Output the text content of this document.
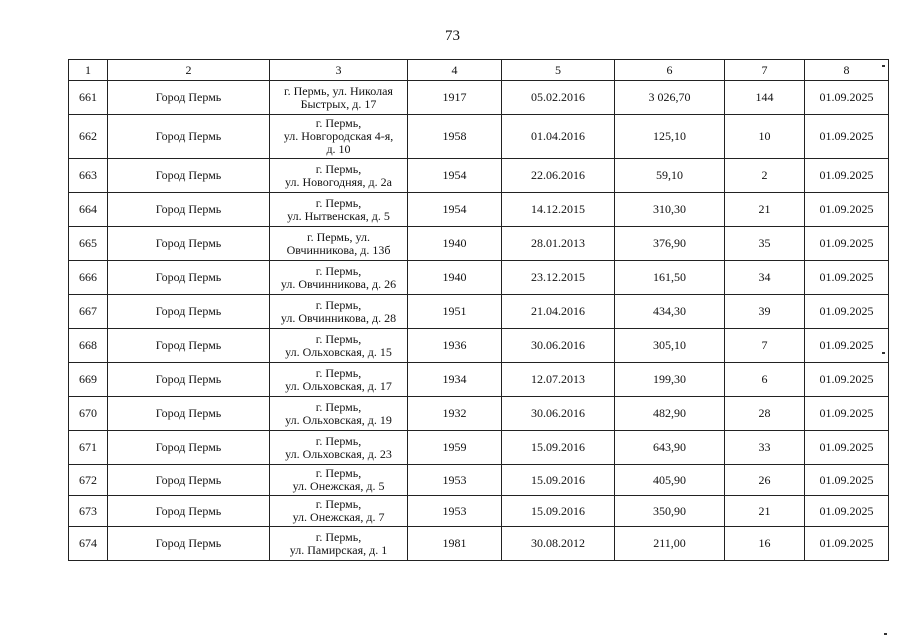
73
1	2	3	4	5	6	7	8
661	Город Пермь	г. Пермь, ул. Николая
Быстрых, д. 17	1917	05.02.2016	3 026,70	144	01.09.2025
662	Город Пермь	г. Пермь,
ул. Новгородская 4-я,
д. 10	1958	01.04.2016	125,10	10	01.09.2025
663	Город Пермь	г. Пермь,
ул. Новогодняя, д. 2а	1954	22.06.2016	59,10	2	01.09.2025
664	Город Пермь	г. Пермь,
ул. Нытвенская, д. 5	1954	14.12.2015	310,30	21	01.09.2025
665	Город Пермь	г. Пермь, ул.
Овчинникова, д. 13б	1940	28.01.2013	376,90	35	01.09.2025
666	Город Пермь	г. Пермь,
ул. Овчинникова, д. 26	1940	23.12.2015	161,50	34	01.09.2025
667	Город Пермь	г. Пермь,
ул. Овчинникова, д. 28	1951	21.04.2016	434,30	39	01.09.2025
668	Город Пермь	г. Пермь,
ул. Ольховская, д. 15	1936	30.06.2016	305,10	7	01.09.2025
669	Город Пермь	г. Пермь,
ул. Ольховская, д. 17	1934	12.07.2013	199,30	6	01.09.2025
670	Город Пермь	г. Пермь,
ул. Ольховская, д. 19	1932	30.06.2016	482,90	28	01.09.2025
671	Город Пермь	г. Пермь,
ул. Ольховская, д. 23	1959	15.09.2016	643,90	33	01.09.2025
672	Город Пермь	г. Пермь,
ул. Онежская, д. 5	1953	15.09.2016	405,90	26	01.09.2025
673	Город Пермь	г. Пермь,
ул. Онежская, д. 7	1953	15.09.2016	350,90	21	01.09.2025
674	Город Пермь	г. Пермь,
ул. Памирская, д. 1	1981	30.08.2012	211,00	16	01.09.2025
